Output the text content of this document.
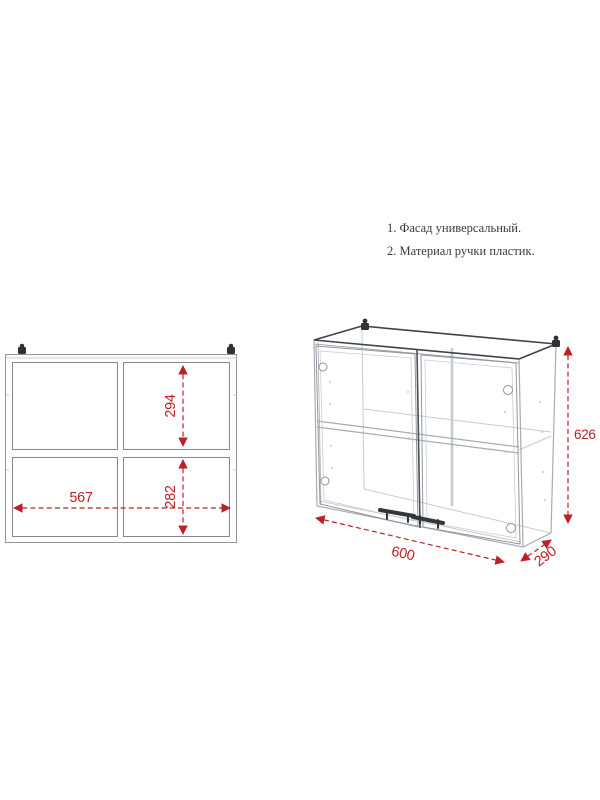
1. Фасад универсальный.
2. Материал ручки пластик.
294
282
567
600	290
626
